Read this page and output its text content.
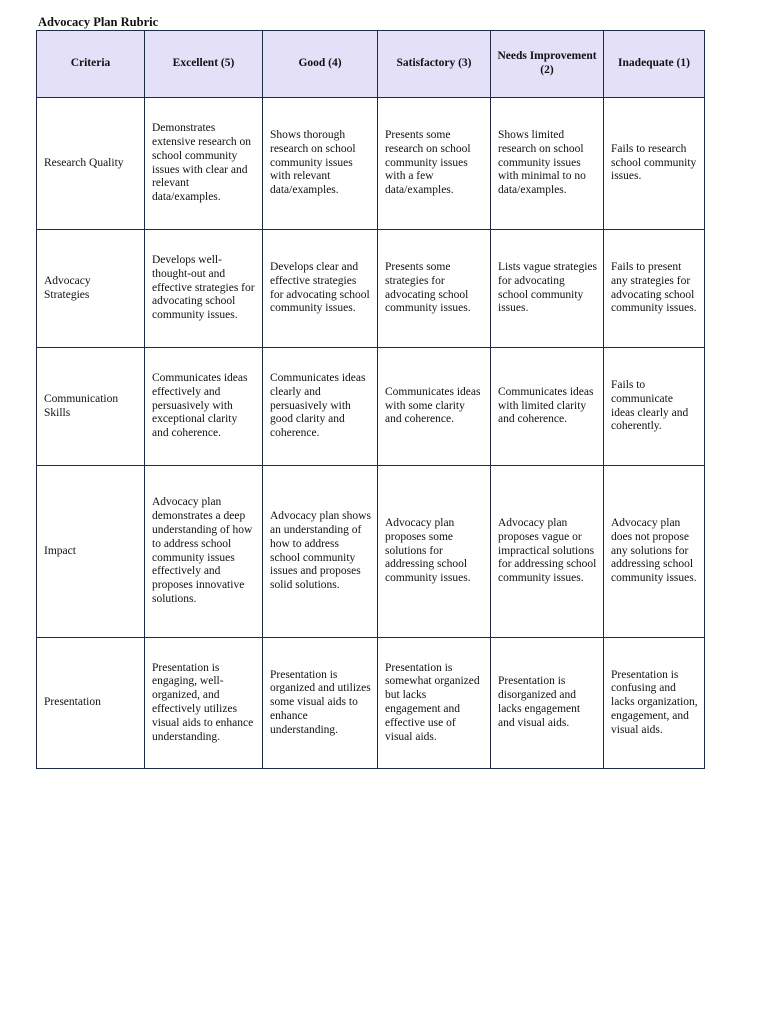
Advocacy Plan Rubric
Criteria	Excellent (5)	Good (4)	Satisfactory (3)	Needs Improvement (2)	Inadequate (1)
Research Quality	Demonstrates extensive research on school community issues with clear and relevant data/examples.	Shows thorough research on school community issues with relevant data/examples.	Presents some research on school community issues with a few data/examples.	Shows limited research on school community issues with minimal to no data/examples.	Fails to research school community issues.
Advocacy Strategies	Develops well-thought-out and effective strategies for advocating school community issues.	Develops clear and effective strategies for advocating school community issues.	Presents some strategies for advocating school community issues.	Lists vague strategies for advocating school community issues.	Fails to present any strategies for advocating school community issues.
Communication Skills	Communicates ideas effectively and persuasively with exceptional clarity and coherence.	Communicates ideas clearly and persuasively with good clarity and coherence.	Communicates ideas with some clarity and coherence.	Communicates ideas with limited clarity and coherence.	Fails to communicate ideas clearly and coherently.
Impact	Advocacy plan demonstrates a deep understanding of how to address school community issues effectively and proposes innovative solutions.	Advocacy plan shows an understanding of how to address school community issues and proposes solid solutions.	Advocacy plan proposes some solutions for addressing school community issues.	Advocacy plan proposes vague or impractical solutions for addressing school community issues.	Advocacy plan does not propose any solutions for addressing school community issues.
Presentation	Presentation is engaging, well-organized, and effectively utilizes visual aids to enhance understanding.	Presentation is organized and utilizes some visual aids to enhance understanding.	Presentation is somewhat organized but lacks engagement and effective use of visual aids.	Presentation is disorganized and lacks engagement and visual aids.	Presentation is confusing and lacks organization, engagement, and visual aids.
